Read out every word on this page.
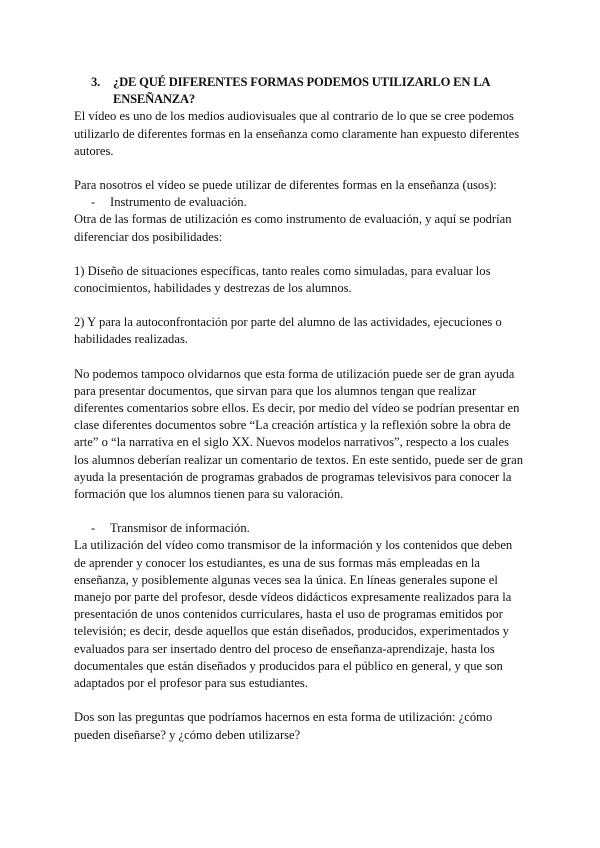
3.	¿DE QUÉ DIFERENTES FORMAS PODEMOS UTILIZARLO EN LA ENSEÑANZA?

El vídeo es uno de los medios audiovisuales que al contrario de lo que se cree podemos utilizarlo de diferentes formas en la enseñanza como claramente han expuesto diferentes autores.

Para nosotros el vídeo se puede utilizar de diferentes formas en la enseñanza (usos):

-	Instrumento de evaluación.

Otra de las formas de utilización es como instrumento de evaluación, y aquí se podrían diferenciar dos posibilidades:

1) Diseño de situaciones específicas, tanto reales como simuladas, para evaluar los conocimientos, habilidades y destrezas de los alumnos.

2) Y para la autoconfrontación por parte del alumno de las actividades, ejecuciones o habilidades realizadas.

No podemos tampoco olvidarnos que esta forma de utilización puede ser de gran ayuda para presentar documentos, que sirvan para que los alumnos tengan que realizar diferentes comentarios sobre ellos. Es decir, por medio del vídeo se podrían presentar en clase diferentes documentos sobre “La creación artística y la reflexión sobre la obra de arte” o “la narrativa en el siglo XX. Nuevos modelos narrativos”, respecto a los cuales los alumnos deberían realizar un comentario de textos. En este sentido, puede ser de gran ayuda la presentación de programas grabados de programas televisivos para conocer la formación que los alumnos tienen para su valoración.

-	Transmisor de información.

La utilización del vídeo como transmisor de la información y los contenidos que deben de aprender y conocer los estudiantes, es una de sus formas más empleadas en la enseñanza, y posiblemente algunas veces sea la única. En líneas generales supone el manejo por parte del profesor, desde vídeos didácticos expresamente realizados para la presentación de unos contenidos curriculares, hasta el uso de programas emitidos por televisión; es decir, desde aquellos que están diseñados, producidos, experimentados y evaluados para ser insertado dentro del proceso de enseñanza-aprendizaje, hasta los documentales que están diseñados y producidos para el público en general, y que son adaptados por el profesor para sus estudiantes.

Dos son las preguntas que podríamos hacernos en esta forma de utilización: ¿cómo pueden diseñarse? y ¿cómo deben utilizarse?
